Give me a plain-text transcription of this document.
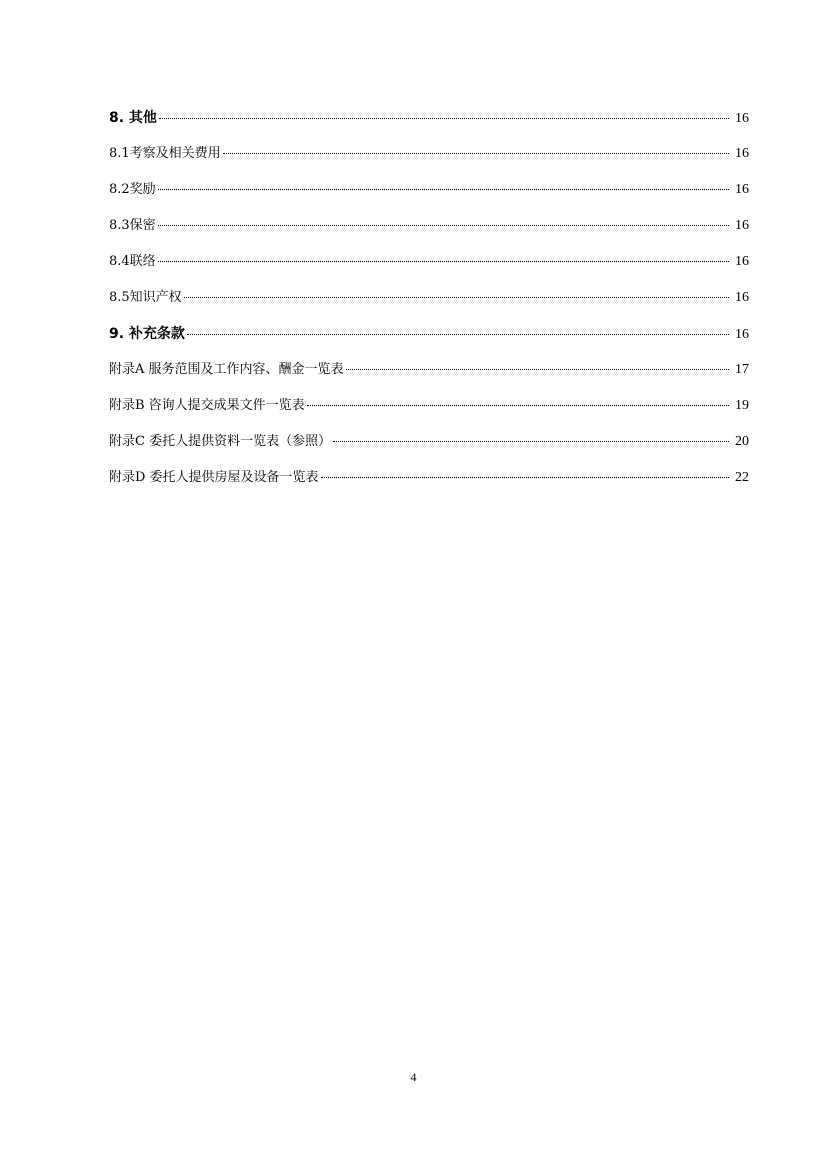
8. 其他	16
8.1考察及相关费用	16
8.2奖励	16
8.3保密	16
8.4联络	16
8.5知识产权	16
9. 补充条款	16
附录A 服务范围及工作内容、酬金一览表	17
附录B 咨询人提交成果文件一览表	19
附录C 委托人提供资料一览表（参照）	20
附录D 委托人提供房屋及设备一览表	22
4
